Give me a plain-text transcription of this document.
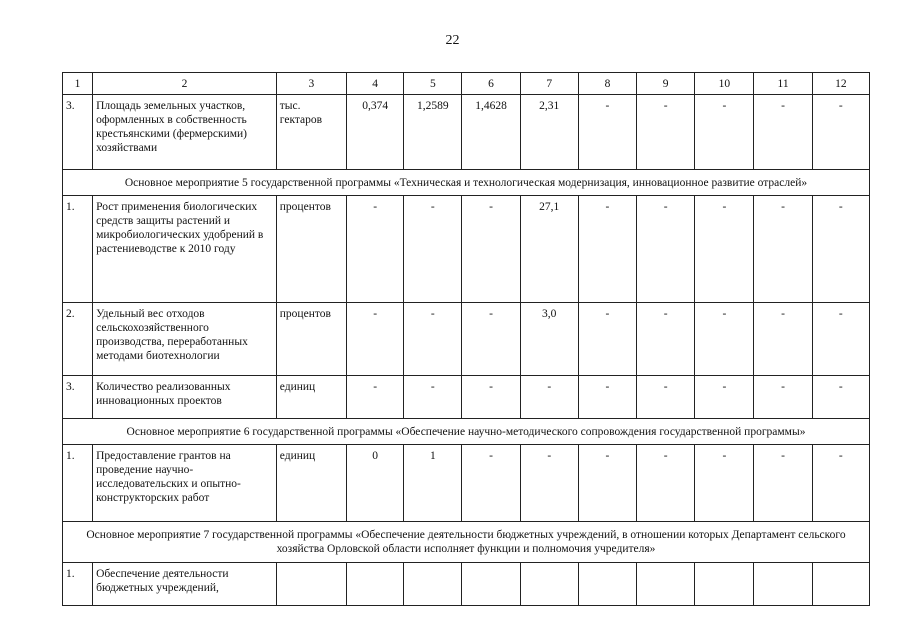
22
1	2	3	4	5	6	7	8	9	10	11	12
3.	Площадь земельных участков, оформленных в собственность крестьянскими (фермерскими) хозяйствами	тыс. гектаров	0,374	1,2589	1,4628	2,31	-	-	-	-	-
Основное мероприятие 5 государственной программы «Техническая и технологическая модернизация, инновационное развитие отраслей»											
1.	Рост применения биологических средств защиты растений и микробиологических удобрений в растениеводстве к 2010 году	процентов	-	-	-	27,1	-	-	-	-	-
2.	Удельный вес отходов сельскохозяйственного производства, переработанных методами биотехнологии	процентов	-	-	-	3,0	-	-	-	-	-
3.	Количество реализованных инновационных проектов	единиц	-	-	-	-	-	-	-	-	-
Основное мероприятие 6 государственной программы «Обеспечение научно-методического сопровождения государственной программы»											
1.	Предоставление грантов на проведение научно-исследовательских и опытно-конструкторских работ	единиц	0	1	-	-	-	-	-	-	-
Основное мероприятие 7 государственной программы «Обеспечение деятельности бюджетных учреждений, в отношении которых Департамент сельского хозяйства Орловской области исполняет функции и полномочия учредителя»											
1.	Обеспечение деятельности бюджетных учреждений,										
